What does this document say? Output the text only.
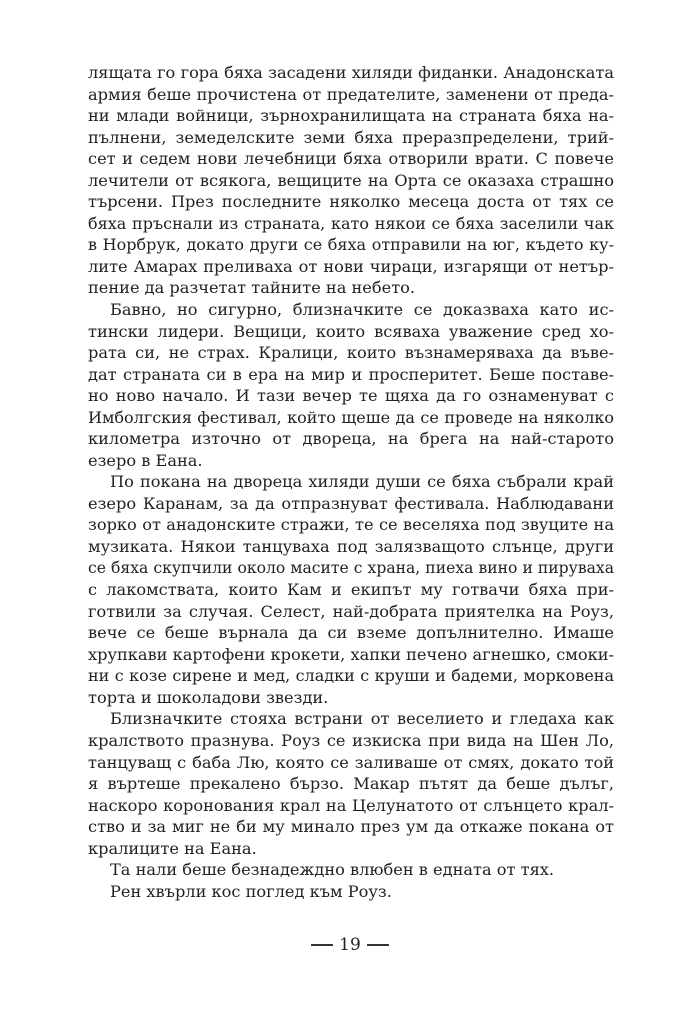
лящата го гора бяха засадени хиляди фиданки. Анадонската
армия беше прочистена от предателите, заменени от преда-
ни млади войници, зърнохранилищата на страната бяха на-
пълнени, земеделските земи бяха преразпределени, трий-
сет и седем нови лечебници бяха отворили врати. С повече
лечители от всякога, вещиците на Орта се оказаха страшно
търсени. През последните няколко месеца доста от тях се
бяха пръснали из страната, като някои се бяха заселили чак
в Норбрук, докато други се бяха отправили на юг, където ку-
лите Амарах преливаха от нови чираци, изгарящи от нетър-
пение да разчетат тайните на небето.
Бавно, но сигурно, близначките се доказваха като ис-
тински лидери. Вещици, които всяваха уважение сред хо-
рата си, не страх. Кралици, които възнамеряваха да въве-
дат страната си в ера на мир и просперитет. Беше поставе-
но ново начало. И тази вечер те щяха да го ознаменуват с
Имболгския фестивал, който щеше да се проведе на няколко
километра източно от двореца, на брега на най-старото
езеро в Еана.
По покана на двореца хиляди души се бяха събрали край
езеро Каранам, за да отпразнуват фестивала. Наблюдавани
зорко от анадонските стражи, те се веселяха под звуците на
музиката. Някои танцуваха под залязващото слънце, други
се бяха скупчили около масите с храна, пиеха вино и пируваха
с лакомствата, които Кам и екипът му готвачи бяха при-
готвили за случая. Селест, най-добрата приятелка на Роуз,
вече се беше върнала да си вземе допълнително. Имаше
хрупкави картофени крокети, хапки печено агнешко, смоки-
ни с козе сирене и мед, сладки с круши и бадеми, морковена
торта и шоколадови звезди.
Близначките стояха встрани от веселието и гледаха как
кралството празнува. Роуз се изкиска при вида на Шен Ло,
танцуващ с баба Лю, която се заливаше от смях, докато той
я въртеше прекалено бързо. Макар пътят да беше дълъг,
наскоро коронования крал на Целунатото от слънцето крал-
ство и за миг не би му минало през ум да откаже покана от
кралиците на Еана.
Та нали беше безнадеждно влюбен в едната от тях.
Рен хвърли кос поглед към Роуз.
19
